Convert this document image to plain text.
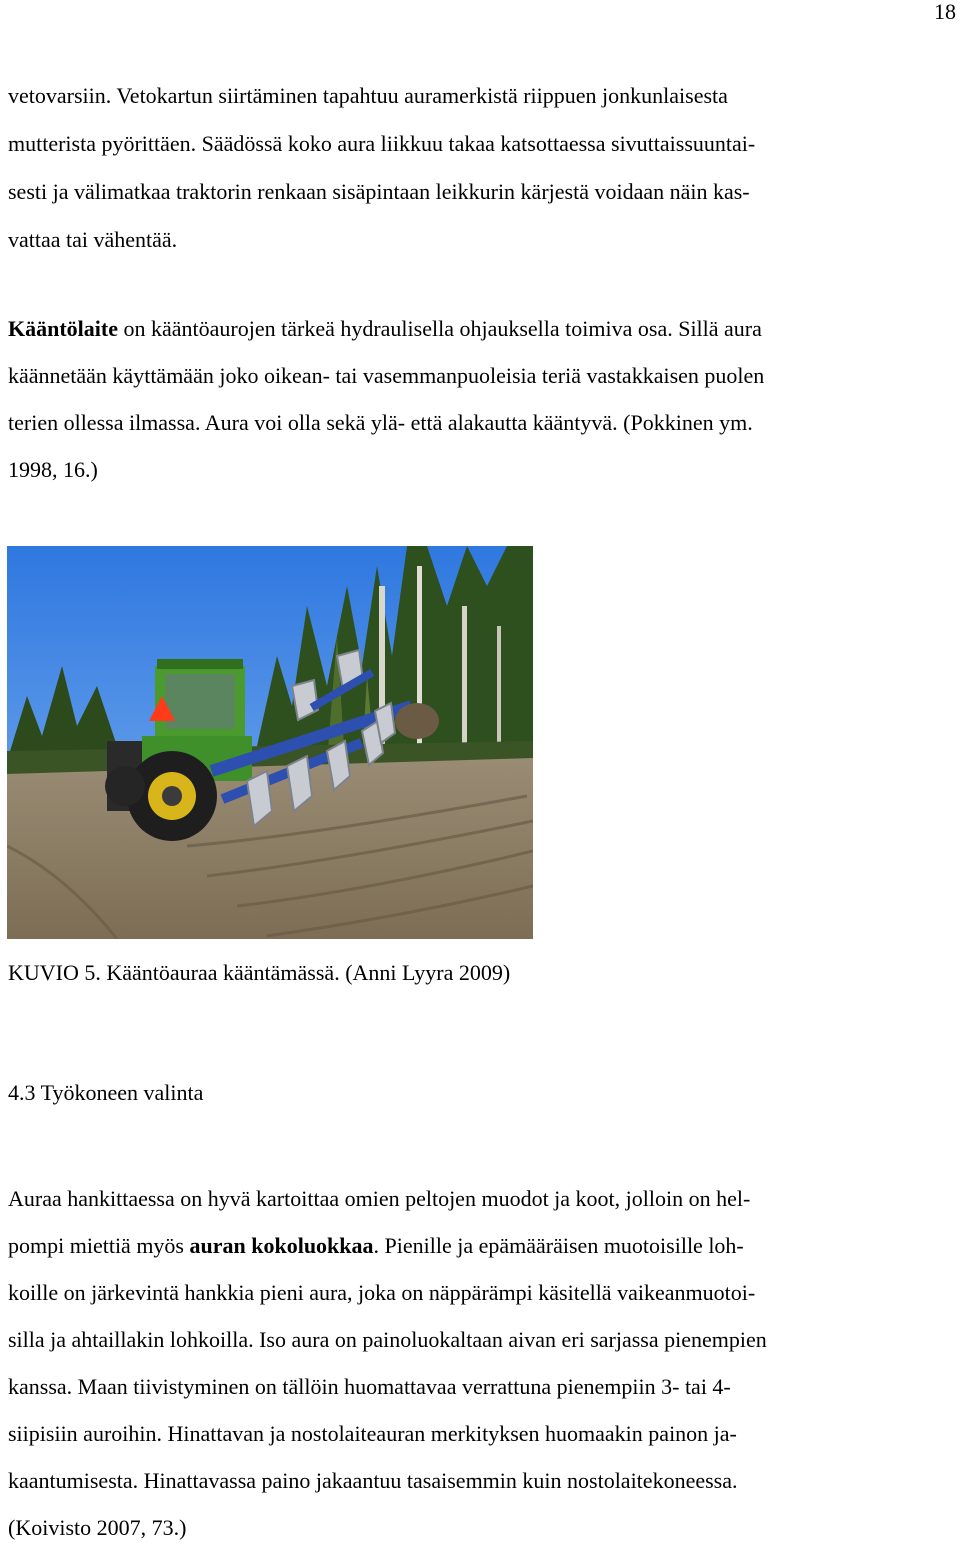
18
vetovarsiin. Vetokartun siirtäminen tapahtuu auramerkistä riippuen jonkunlaisesta
mutterista pyörittäen. Säädössä koko aura liikkuu takaa katsottaessa sivuttaissuuntai-
sesti ja välimatkaa traktorin renkaan sisäpintaan leikkurin kärjestä voidaan näin kas-
vattaa tai vähentää.
Kääntölaite on kääntöaurojen tärkeä hydraulisella ohjauksella toimiva osa. Sillä aura
käännetään käyttämään joko oikean- tai vasemmanpuoleisia teriä vastakkaisen puolen
terien ollessa ilmassa. Aura voi olla sekä ylä- että alakautta kääntyvä. (Pokkinen ym.
1998, 16.)
KUVIO 5. Kääntöauraa kääntämässä. (Anni Lyyra 2009)
4.3 Työkoneen valinta
Auraa hankittaessa on hyvä kartoittaa omien peltojen muodot ja koot, jolloin on hel-
pompi miettiä myös auran kokoluokkaa. Pienille ja epämääräisen muotoisille loh-
koille on järkevintä hankkia pieni aura, joka on näppärämpi käsitellä vaikeanmuotoi-
silla ja ahtaillakin lohkoilla. Iso aura on painoluokaltaan aivan eri sarjassa pienempien
kanssa. Maan tiivistyminen on tällöin huomattavaa verrattuna pienempiin 3- tai 4-
siipisiin auroihin. Hinattavan ja nostolaiteauran merkityksen huomaakin painon ja-
kaantumisesta. Hinattavassa paino jakaantuu tasaisemmin kuin nostolaitekoneessa.
(Koivisto 2007, 73.)
